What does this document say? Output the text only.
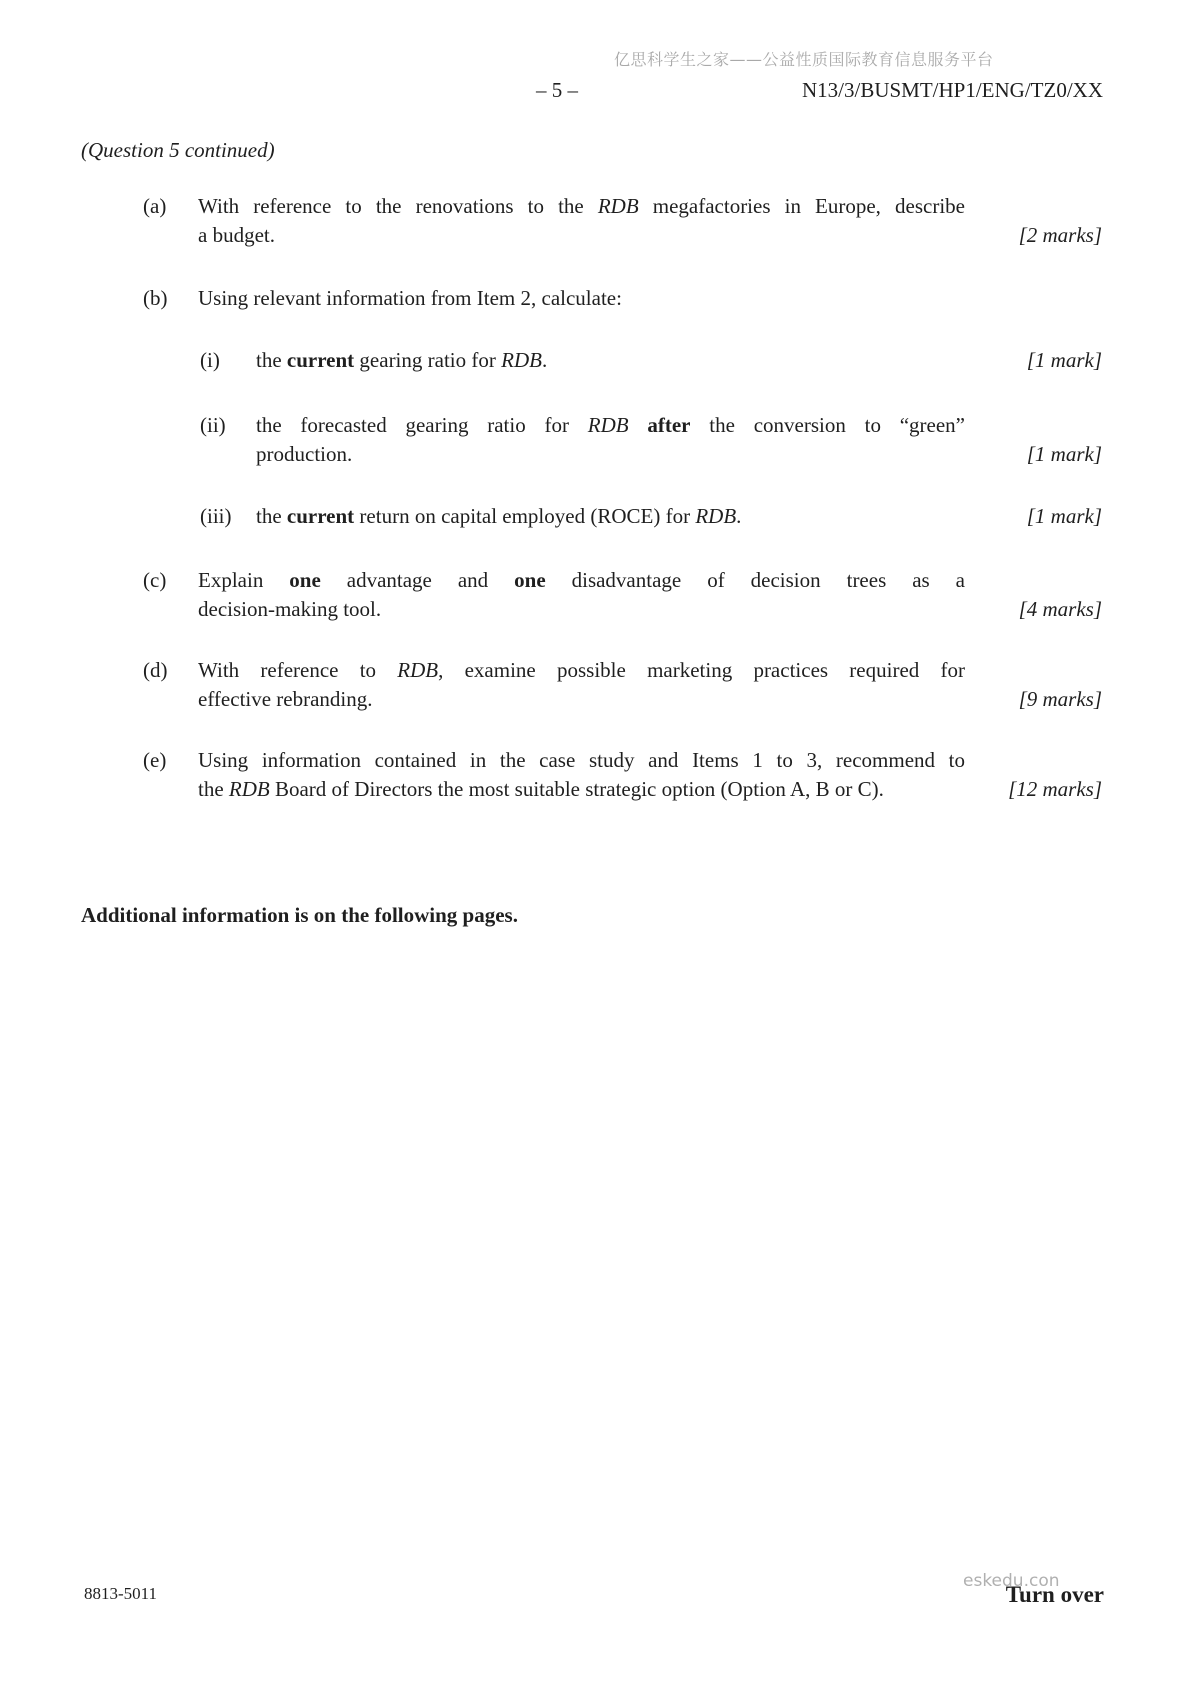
亿思科学生之家——公益性质国际教育信息服务平台
– 5 –	N13/3/BUSMT/HP1/ENG/TZ0/XX
(Question 5 continued)
(a)	With reference to the renovations to the RDB megafactories in Europe, describe
a budget.	[2 marks]
(b)	Using relevant information from Item 2, calculate:
(i)	the current gearing ratio for RDB.	[1 mark]
(ii)	the forecasted gearing ratio for RDB after the conversion to “green”
production.	[1 mark]
(iii)	the current return on capital employed (ROCE) for RDB.	[1 mark]
(c)	Explain one advantage and one disadvantage of decision trees as a
decision-making tool.	[4 marks]
(d)	With reference to RDB, examine possible marketing practices required for
effective rebranding.	[9 marks]
(e)	Using information contained in the case study and Items 1 to 3, recommend to
the RDB Board of Directors the most suitable strategic option (Option A, B or C).	[12 marks]
Additional information is on the following pages.
8813-5011
eskedu.con
Turn over
